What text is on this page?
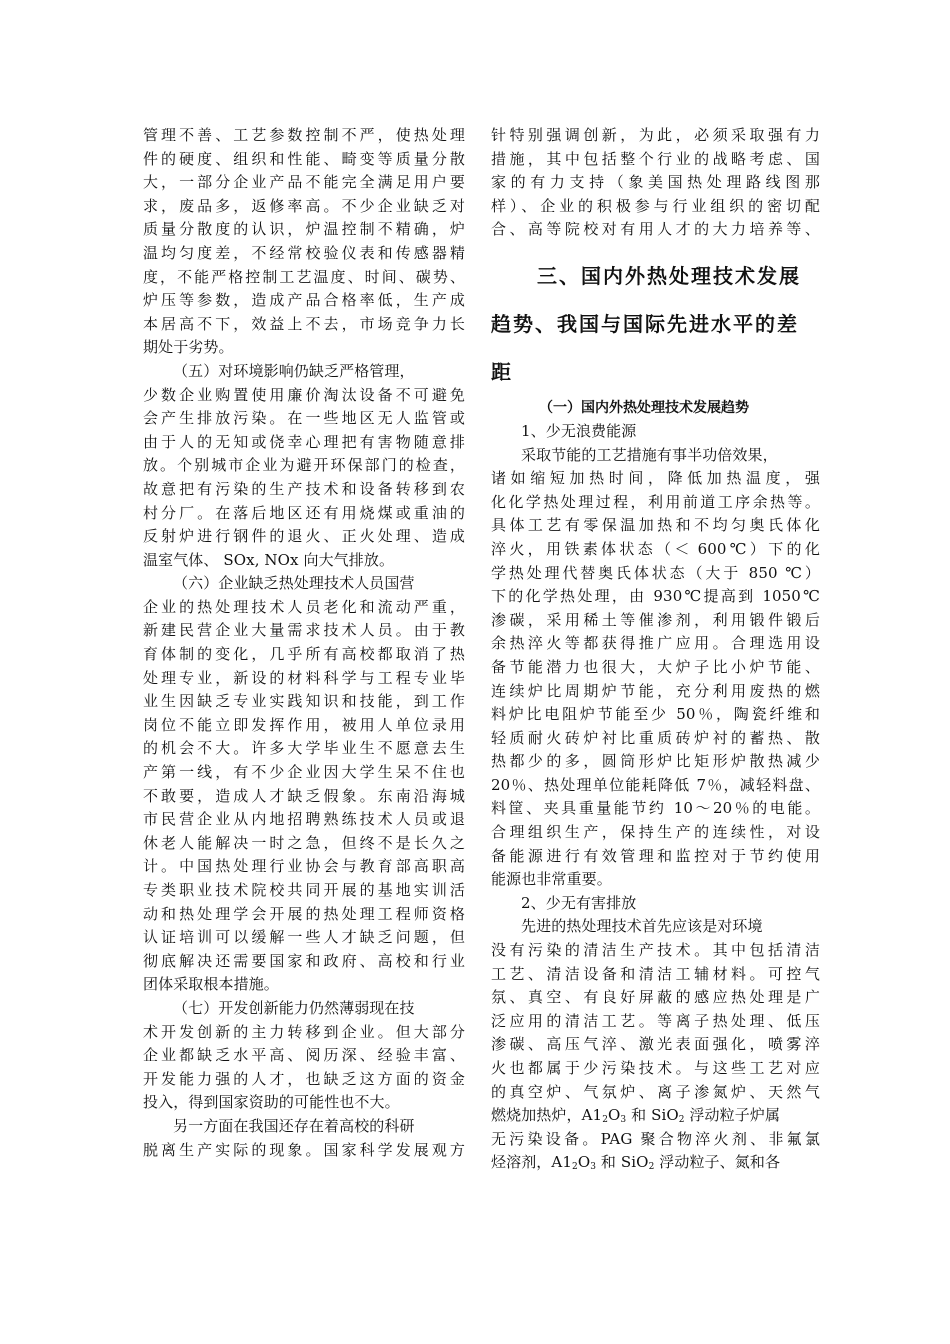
管理不善、工艺参数控制不严，使热处理
件的硬度、组织和性能、畸变等质量分散
大，一部分企业产品不能完全满足用户要
求，废品多，返修率高。不少企业缺乏对
质量分散度的认识，炉温控制不精确，炉
温均匀度差，不经常校验仪表和传感器精
度，不能严格控制工艺温度、时间、碳势、
炉压等参数，造成产品合格率低，生产成
本居高不下，效益上不去，市场竞争力长
期处于劣势。
（五）对环境影响仍缺乏严格管理，
少数企业购置使用廉价淘汰设备不可避免
会产生排放污染。在一些地区无人监管或
由于人的无知或侥幸心理把有害物随意排
放。个别城市企业为避开环保部门的检查，
故意把有污染的生产技术和设备转移到农
村分厂。在落后地区还有用烧煤或重油的
反射炉进行钢件的退火、正火处理、造成
温室气体、 SOx, NOx 向大气排放。
（六）企业缺乏热处理技术人员国营
企业的热处理技术人员老化和流动严重，
新建民营企业大量需求技术人员。由于教
育体制的变化，几乎所有高校都取消了热
处理专业，新设的材料科学与工程专业毕
业生因缺乏专业实践知识和技能，到工作
岗位不能立即发挥作用，被用人单位录用
的机会不大。许多大学毕业生不愿意去生
产第一线，有不少企业因大学生呆不住也
不敢要，造成人才缺乏假象。东南沿海城
市民营企业从内地招聘熟练技术人员或退
休老人能解决一时之急，但终不是长久之
计。中国热处理行业协会与教育部高职高
专类职业技术院校共同开展的基地实训活
动和热处理学会开展的热处理工程师资格
认证培训可以缓解一些人才缺乏问题，但
彻底解决还需要国家和政府、高校和行业
团体采取根本措施。
（七）开发创新能力仍然薄弱现在技
术开发创新的主力转移到企业。但大部分
企业都缺乏水平高、阅历深、经验丰富、
开发能力强的人才，也缺乏这方面的资金
投入，得到国家资助的可能性也不大。
另一方面在我国还存在着高校的科研
脱离生产实际的现象。国家科学发展观方
针特别强调创新，为此，必须采取强有力
措施，其中包括整个行业的战略考虑、国
家的有力支持（象美国热处理路线图那
样）、企业的积极参与行业组织的密切配
合、高等院校对有用人才的大力培养等、
三、国内外热处理技术发展
趋势、我国与国际先进水平的差
距
（一）国内外热处理技术发展趋势
1、少无浪费能源
采取节能的工艺措施有事半功倍效果，
诸如缩短加热时间，降低加热温度，强
化化学热处理过程，利用前道工序余热等。
具体工艺有零保温加热和不均匀奥氏体化
淬火，用铁素体状态（＜ 600℃）下的化
学热处理代替奥氏体状态（大于 850 ℃）
下的化学热处理，由 930℃提高到 1050℃
渗碳，采用稀土等催渗剂，利用锻件锻后
余热淬火等都获得推广应用。合理选用设
备节能潜力也很大，大炉子比小炉节能、
连续炉比周期炉节能，充分利用废热的燃
料炉比电阻炉节能至少 50％，陶瓷纤维和
轻质耐火砖炉衬比重质砖炉衬的蓄热、散
热都少的多，圆筒形炉比矩形炉散热减少
20％、热处理单位能耗降低 7％，减轻料盘、
料筐、夹具重量能节约 10～20％的电能。
合理组织生产，保持生产的连续性，对设
备能源进行有效管理和监控对于节约使用
能源也非常重要。
2、少无有害排放
先进的热处理技术首先应该是对环境
没有污染的清洁生产技术。其中包括清洁
工艺、清洁设备和清洁工辅材料。可控气
氛、真空、有良好屏蔽的感应热处理是广
泛应用的清洁工艺。等离子热处理、低压
渗碳、高压气淬、激光表面强化，喷雾淬
火也都属于少污染技术。与这些工艺对应
的真空炉、气氛炉、离子渗氮炉、天然气
燃烧加热炉，$A1_2O_3$ 和 SiO$_2$ 浮动粒子炉属
无污染设备。PAG 聚合物淬火剂、非氟氯
烃溶剂，$A1_2O_3$ 和 SiO$_2$ 浮动粒子、氮和各
